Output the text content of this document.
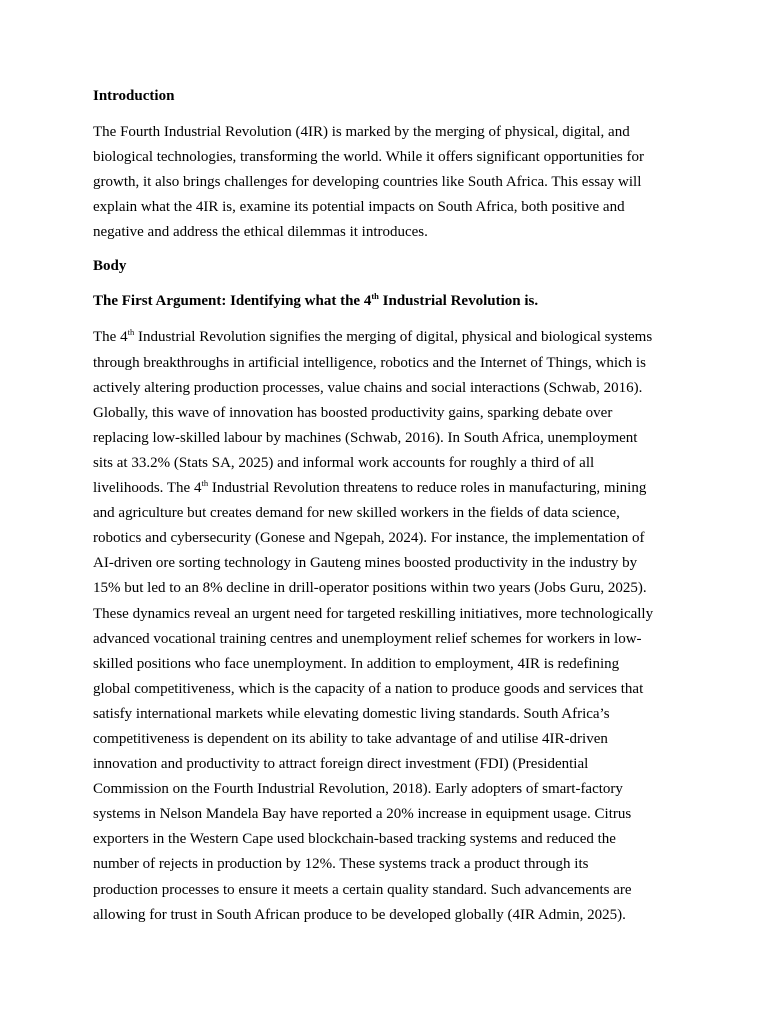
Introduction
The Fourth Industrial Revolution (4IR) is marked by the merging of physical, digital, and
biological technologies, transforming the world. While it offers significant opportunities for
growth, it also brings challenges for developing countries like South Africa. This essay will
explain what the 4IR is, examine its potential impacts on South Africa, both positive and
negative and address the ethical dilemmas it introduces.
Body
The First Argument: Identifying what the 4th Industrial Revolution is.
The 4th Industrial Revolution signifies the merging of digital, physical and biological systems
through breakthroughs in artificial intelligence, robotics and the Internet of Things, which is
actively altering production processes, value chains and social interactions (Schwab, 2016).
Globally, this wave of innovation has boosted productivity gains, sparking debate over
replacing low-skilled labour by machines (Schwab, 2016). In South Africa, unemployment
sits at 33.2% (Stats SA, 2025) and informal work accounts for roughly a third of all
livelihoods. The 4th Industrial Revolution threatens to reduce roles in manufacturing, mining
and agriculture but creates demand for new skilled workers in the fields of data science,
robotics and cybersecurity (Gonese and Ngepah, 2024). For instance, the implementation of
AI-driven ore sorting technology in Gauteng mines boosted productivity in the industry by
15% but led to an 8% decline in drill-operator positions within two years (Jobs Guru, 2025).
These dynamics reveal an urgent need for targeted reskilling initiatives, more technologically
advanced vocational training centres and unemployment relief schemes for workers in low-
skilled positions who face unemployment. In addition to employment, 4IR is redefining
global competitiveness, which is the capacity of a nation to produce goods and services that
satisfy international markets while elevating domestic living standards. South Africa’s
competitiveness is dependent on its ability to take advantage of and utilise 4IR-driven
innovation and productivity to attract foreign direct investment (FDI) (Presidential
Commission on the Fourth Industrial Revolution, 2018). Early adopters of smart-factory
systems in Nelson Mandela Bay have reported a 20% increase in equipment usage. Citrus
exporters in the Western Cape used blockchain-based tracking systems and reduced the
number of rejects in production by 12%. These systems track a product through its
production processes to ensure it meets a certain quality standard. Such advancements are
allowing for trust in South African produce to be developed globally (4IR Admin, 2025).
